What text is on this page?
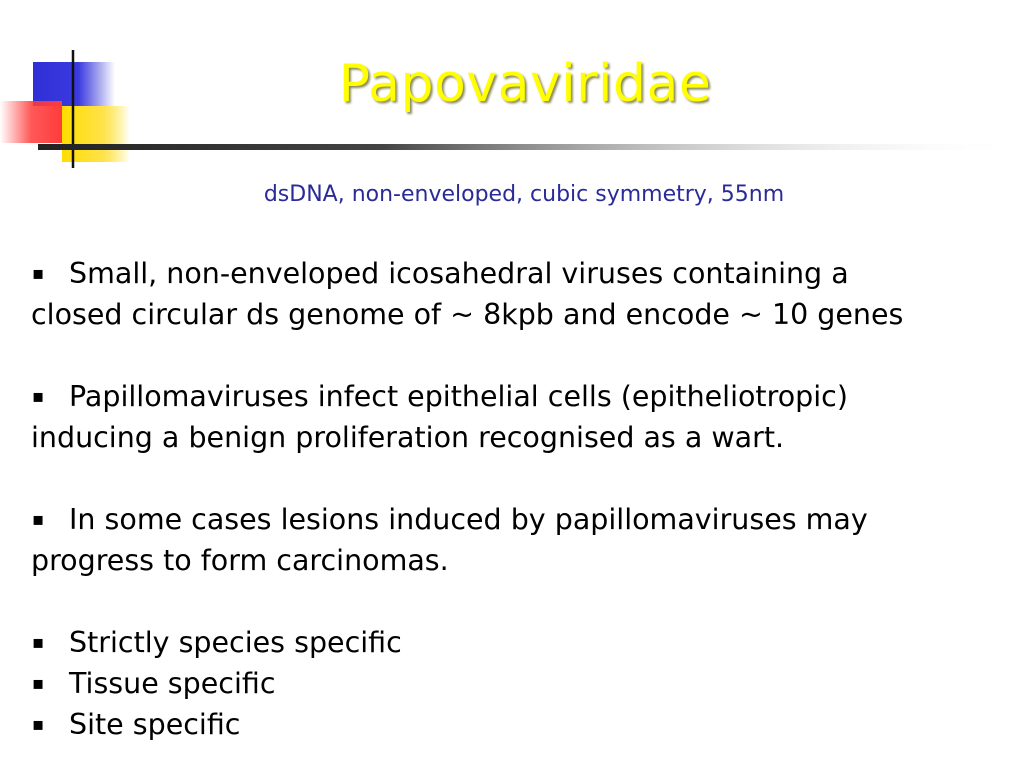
Papovaviridae
dsDNA, non-enveloped, cubic symmetry, 55nm
▪ Small, non-enveloped icosahedral viruses containing a
closed circular ds genome of ~ 8kpb and encode ~ 10 genes
▪ Papillomaviruses infect epithelial cells (epitheliotropic)
inducing a benign proliferation recognised as a wart.
▪ In some cases lesions induced by papillomaviruses may
progress to form carcinomas.
▪ Strictly species specific
▪ Tissue specific
▪ Site specific
